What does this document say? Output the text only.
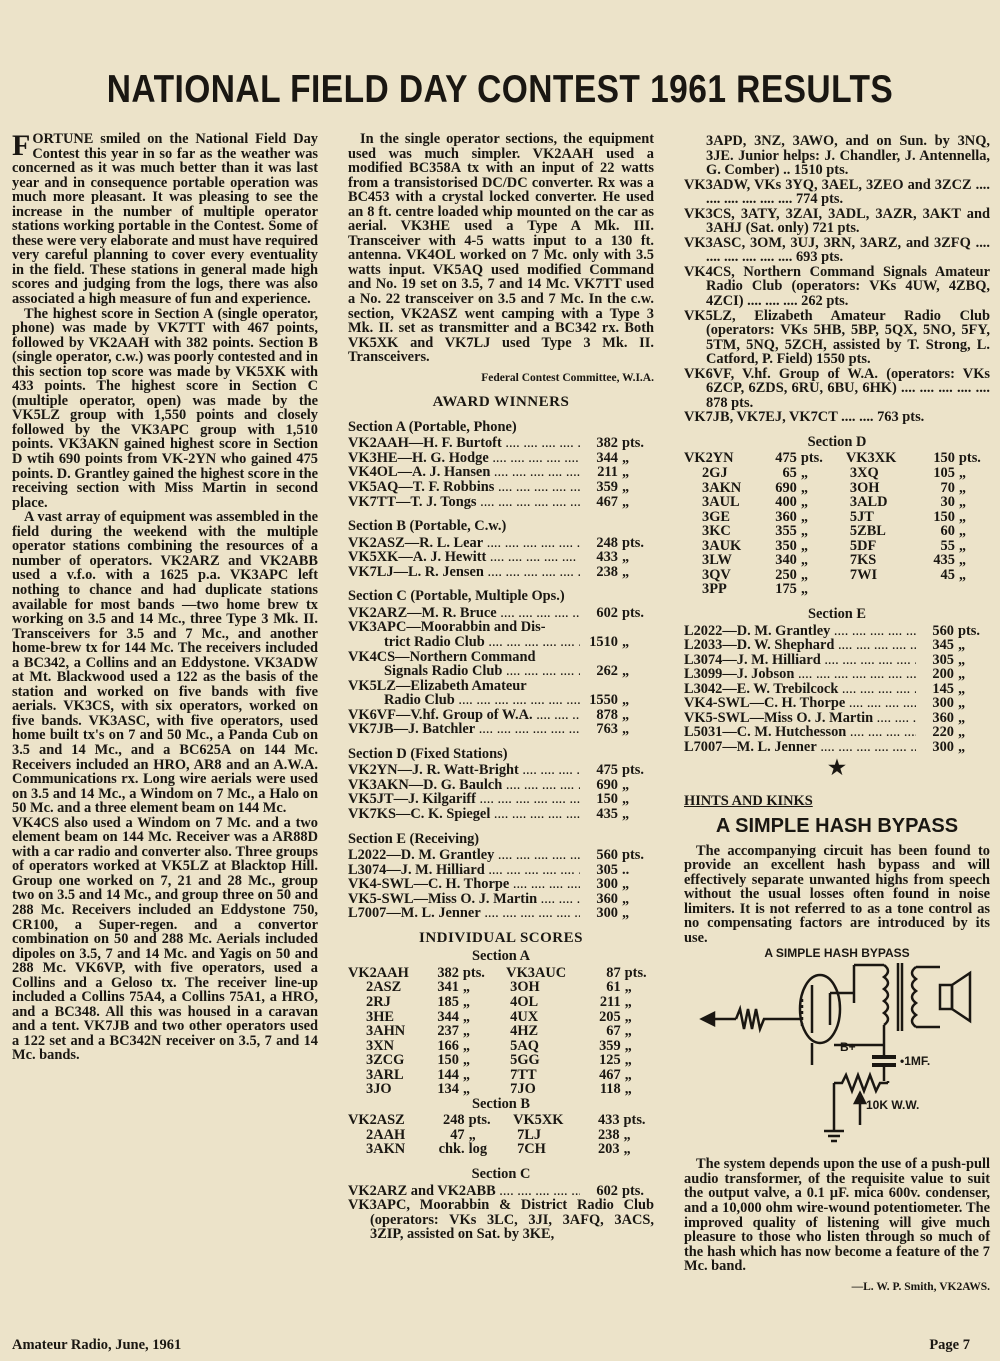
NATIONAL FIELD DAY CONTEST 1961 RESULTS

FORTUNE smiled on the National Field Day Contest this year in so far as the weather was concerned as it was much better than it was last year and in consequence portable operation was much more pleasant. It was pleasing to see the increase in the number of multiple operator stations working portable in the Contest. Some of these were very elaborate and must have required very careful planning to cover every eventuality in the field. These stations in general made high scores and judging from the logs, there was also associated a high measure of fun and experience.

The highest score in Section A (single operator, phone) was made by VK7TT with 467 points, followed by VK2AAH with 382 points. Section B (single operator, c.w.) was poorly contested and in this section top score was made by VK5XK with 433 points. The highest score in Section C (multiple operator, open) was made by the VK5LZ group with 1,550 points and closely followed by the VK3APC group with 1,510 points. VK3AKN gained highest score in Section D wtih 690 points from VK-2YN who gained 475 points. D. Grantley gained the highest score in the receiving section with Miss Martin in second place.

A vast array of equipment was assembled in the field during the weekend with the multiple operator stations combining the resources of a number of operators. VK2ARZ and VK2ABB used a v.f.o. with a 1625 p.a. VK3APC left nothing to chance and had duplicate stations available for most bands —two home brew tx working on 3.5 and 14 Mc., three Type 3 Mk. II. Transceivers for 3.5 and 7 Mc., and another home-brew tx for 144 Mc. The receivers included a BC342, a Collins and an Eddystone. VK3ADW at Mt. Blackwood used a 122 as the basis of the station and worked on five bands with five aerials. VK3CS, with six operators, worked on five bands. VK3ASC, with five operators, used home built tx's on 7 and 50 Mc., a Panda Cub on 3.5 and 14 Mc., and a BC625A on 144 Mc. Receivers included an HRO, AR8 and an A.W.A. Communications rx. Long wire aerials were used on 3.5 and 14 Mc., a Windom on 7 Mc., a Halo on 50 Mc. and a three element beam on 144 Mc.

VK4CS also used a Windom on 7 Mc. and a two element beam on 144 Mc. Receiver was a AR88D with a car radio and converter also. Three groups of operators worked at VK5LZ at Blacktop Hill. Group one worked on 7, 21 and 28 Mc., group two on 3.5 and 14 Mc., and group three on 50 and 288 Mc. Receivers included an Eddystone 750, CR100, a Super-regen. and a convertor combination on 50 and 288 Mc. Aerials included dipoles on 3.5, 7 and 14 Mc. and Yagis on 50 and 288 Mc. VK6VP, with five operators, used a Collins and a Geloso tx. The receiver line-up included a Collins 75A4, a Collins 75A1, a HRO, and a BC348. All this was housed in a caravan and a tent. VK7JB and two other operators used a 122 set and a BC342N receiver on 3.5, 7 and 14 Mc. bands.

In the single operator sections, the equipment used was much simpler. VK2AAH used a modified BC358A tx with an input of 22 watts from a transistorised DC/DC converter. Rx was a BC453 with a crystal locked converter. He used an 8 ft. centre loaded whip mounted on the car as aerial. VK3HE used a Type A Mk. III. Transceiver with 4-5 watts input to a 130 ft. antenna. VK4OL worked on 7 Mc. only with 3.5 watts input. VK5AQ used modified Command and No. 19 set on 3.5, 7 and 14 Mc. VK7TT used a No. 22 transceiver on 3.5 and 7 Mc. In the c.w. section, VK2ASZ went camping with a Type 3 Mk. II. set as transmitter and a BC342 rx. Both VK5XK and VK7LJ used Type 3 Mk. II. Transceivers.

Federal Contest Committee, W.I.A.
AWARD WINNERS
Section A (Portable, Phone)
VK2AAH—H. F. Burtoft ....	382 pts.
VK3HE—H. G. Hodge ....	344 „
VK4OL—A. J. Hansen ....	211 „
VK5AQ—T. F. Robbins ....	359 „
VK7TT—T. J. Tongs ....	467 „
Section B (Portable, C.w.)
VK2ASZ—R. L. Lear ....	248 pts.
VK5XK—A. J. Hewitt ....	433 „
VK7LJ—L. R. Jensen ....	238 „
Section C (Portable, Multiple Ops.)
VK2ARZ—M. R. Bruce ....	602 pts.
VK3APC—Moorabbin and Dis-
trict Radio Club ....	1510 „
VK4CS—Northern Command
Signals Radio Club ....	262 „
VK5LZ—Elizabeth Amateur
Radio Club ....	1550 „
VK6VF—V.hf. Group of W.A. ....	878 „
VK7JB—J. Batchler ....	763 „
Section D (Fixed Stations)
VK2YN—J. R. Watt-Bright ....	475 pts.
VK3AKN—D. G. Baulch ....	690 „
VK5JT—J. Kilgariff ....	150 „
VK7KS—C. K. Spiegel ....	435 „
Section E (Receiving)
L2022—D. M. Grantley ....	560 pts.
L3074—J. M. Hilliard ....	305 ..
VK4-SWL—C. H. Thorpe ....	300 „
VK5-SWL—Miss O. J. Martin ....	360 „
L7007—M. L. Jenner ....	300 „
INDIVIDUAL SCORES
Section A
VK2AAH	382	pts.	VK3AUC	87	pts.
2ASZ	341	„	3OH	61	„
2RJ	185	„	4OL	211	„
3HE	344	„	4UX	205	„
3AHN	237	„	4HZ	67	„
3XN	166	„	5AQ	359	„
3ZCG	150	„	5GG	125	„
3ARL	144	„	7TT	467	„
3JO	134	„	7JO	118	„
Section B
VK2ASZ	248	pts.	VK5XK	433	pts.
2AAH	47	„	7LJ	238	„
3AKN	chk.	log	7CH	203	„
Section C
VK2ARZ and VK2ABB ....	602 pts.
VK3APC, Moorabbin & District Radio Club (operators: VKs 3LC, 3JI, 3AFQ, 3ACS, 3ZIP, assisted on Sat. by 3KE,
3APD, 3NZ, 3AWO, and on Sun. by 3NQ, 3JE. Junior helps: J. Chandler, J. Antennella, G. Comber) .. 1510 pts.
VK3ADW, VKs 3YQ, 3AEL, 3ZEO and 3ZCZ .... .... .... .... .... .... 774 pts.
VK3CS, 3ATY, 3ZAI, 3ADL, 3AZR, 3AKT and 3AHJ (Sat. only) 721 pts.
VK3ASC, 3OM, 3UJ, 3RN, 3ARZ, and 3ZFQ .... .... .... .... .... .... 693 pts.
VK4CS, Northern Command Signals Amateur Radio Club (operators: VKs 4UW, 4ZBQ, 4ZCI) .... .... .... 262 pts.
VK5LZ, Elizabeth Amateur Radio Club (operators: VKs 5HB, 5BP, 5QX, 5NO, 5FY, 5TM, 5NQ, 5ZCH, assisted by T. Strong, L. Catford, P. Field) 1550 pts.
VK6VF, V.hf. Group of W.A. (operators: VKs 6ZCP, 6ZDS, 6RU, 6BU, 6HK) .... .... .... .... .... 878 pts.
VK7JB, VK7EJ, VK7CT .... .... 763 pts.
Section D
VK2YN	475	pts.	VK3XK	150	pts.
2GJ	65	„	3XQ	105	„
3AKN	690	„	3OH	70	„
3AUL	400	„	3ALD	30	„
3GE	360	„	5JT	150	„
3KC	355	„	5ZBL	60	„
3AUK	350	„	5DF	55	„
3LW	340	„	7KS	435	„
3QV	250	„	7WI	45	„
3PP	175	„			
Section E
L2022—D. M. Grantley ....	560 pts.
L2033—D. W. Shephard ....	345 „
L3074—J. M. Hilliard ....	305 „
L3099—J. Jobson ....	200 „
L3042—E. W. Trebilcock ....	145 „
VK4-SWL—C. H. Thorpe ....	300 „
VK5-SWL—Miss O. J. Martin ....	360 „
L5031—C. M. Hutchesson ....	220 „
L7007—M. L. Jenner ....	300 „
★
HINTS AND KINKS
A SIMPLE HASH BYPASS

The accompanying circuit has been found to provide an excellent hash bypass and will effectively separate unwanted highs from speech without the usual losses often found in noise limiters. It is not referred to as a tone control as no compensating factors are introduced by its use.

A SIMPLE HASH BYPASS
B+
•1MF.
10K W.W.

The system depends upon the use of a push-pull audio transformer, of the requisite value to suit the output valve, a 0.1 µF. mica 600v. condenser, and a 10,000 ohm wire-wound potentiometer. The improved quality of listening will give much pleasure to those who listen through so much of the hash which has now become a feature of the 7 Mc. band.

—L. W. P. Smith, VK2AWS.
Amateur Radio, June, 1961	Page 7
